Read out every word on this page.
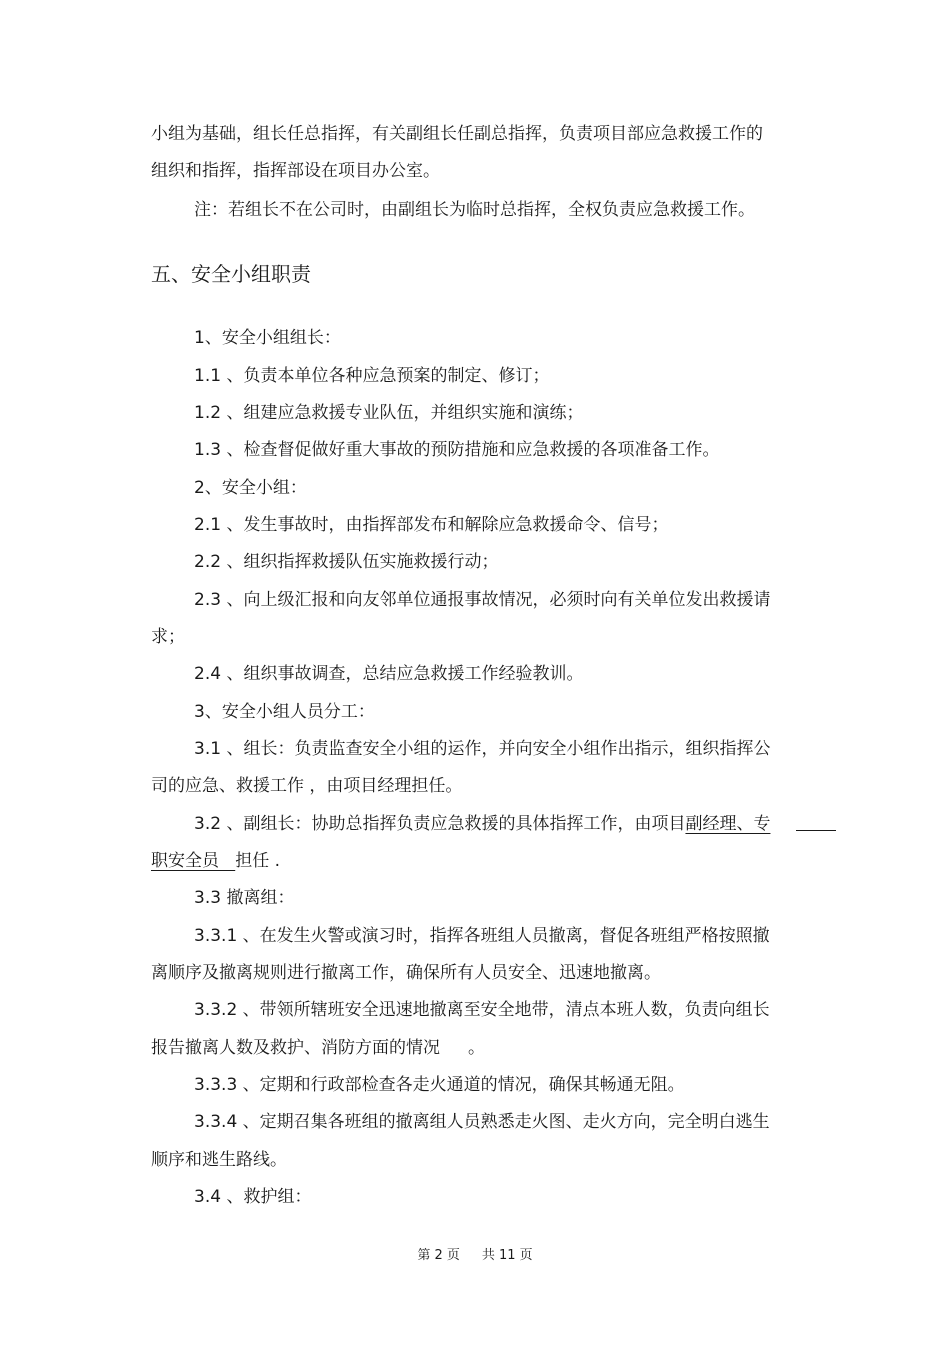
小组为基础，组长任总指挥，有关副组长任副总指挥，负责项目部应急救援工作的

组织和指挥，指挥部设在项目办公室。

注：若组长不在公司时，由副组长为临时总指挥，全权负责应急救援工作。

五、安全小组职责

1、安全小组组长：

1.1 、负责本单位各种应急预案的制定、修订；

1.2 、组建应急救援专业队伍，并组织实施和演练；

1.3 、检查督促做好重大事故的预防措施和应急救援的各项准备工作。

2、安全小组：

2.1 、发生事故时，由指挥部发布和解除应急救援命令、信号；

2.2 、组织指挥救援队伍实施救援行动；

2.3 、向上级汇报和向友邻单位通报事故情况，必须时向有关单位发出救援请

求；

2.4 、组织事故调查，总结应急救援工作经验教训。

3、安全小组人员分工：

3.1 、组长：负责监查安全小组的运作，并向安全小组作出指示，组织指挥公

司的应急、救援工作 ，由项目经理担任。

3.2 、副组长：协助总指挥负责应急救援的具体指挥工作，由项目副经理、专

职安全员 担任 .

3.3 撤离组：

3.3.1 、在发生火警或演习时，指挥各班组人员撤离，督促各班组严格按照撤

离顺序及撤离规则进行撤离工作，确保所有人员安全、迅速地撤离。

3.3.2 、带领所辖班安全迅速地撤离至安全地带，清点本班人数，负责向组长

报告撤离人数及救护、消防方面的情况 。

3.3.3 、定期和行政部检查各走火通道的情况，确保其畅通无阻。

3.3.4 、定期召集各班组的撤离组人员熟悉走火图、走火方向，完全明白逃生

顺序和逃生路线。

3.4 、救护组：

第 2 页 共 11 页
